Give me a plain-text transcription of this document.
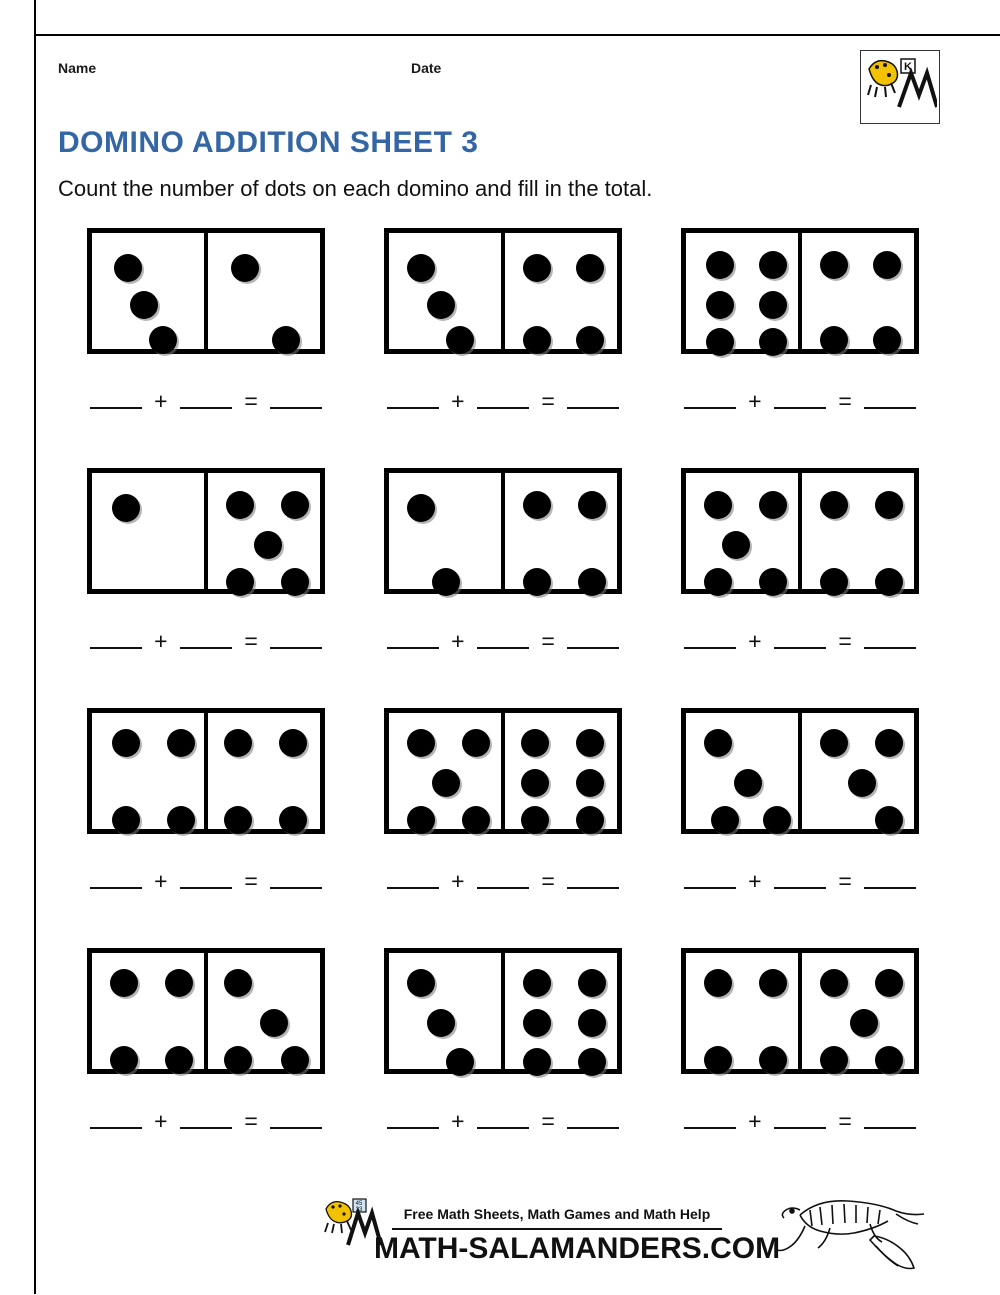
Name	Date	K
DOMINO ADDITION SHEET 3
Count the number of dots on each domino and fill in the total.
+	=	+	=	+	=
+	=	+	=	+	=
+	=	+	=	+	=
+	=	+	=	+	=
45
33	Free Math Sheets, Math Games and Math Help
MATH-SALAMANDERS.COM
